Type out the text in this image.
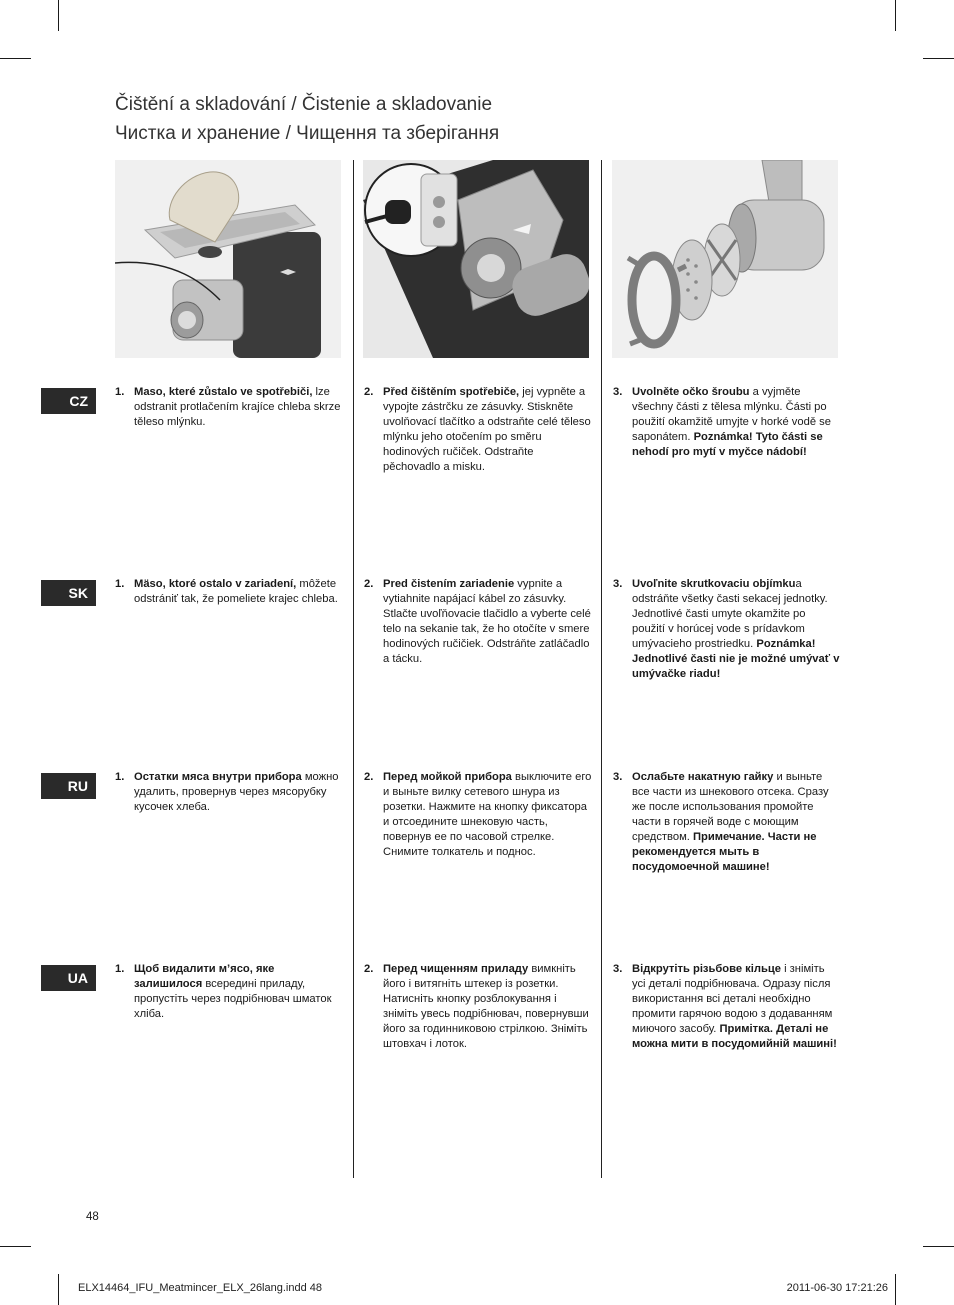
Čištění a skladování / Čistenie a skladovanie
Чистка и хранение / Чищення та зберігання
CZ
SK
RU
UA
1. Maso, které zůstalo ve spotřebiči, lze odstranit protlačením krajíce chleba skrze těleso mlýnku.
2. Před čištěním spotřebiče, jej vypněte a vypojte zástrčku ze zásuvky. Stiskněte uvolňovací tlačítko a odstraňte celé těleso mlýnku jeho otočením po směru hodinových ručiček. Odstraňte pěchovadlo a misku.
3. Uvolněte očko šroubu a vyjměte všechny části z tělesa mlýnku. Části po použití okamžitě umyjte v horké vodě se saponátem. Poznámka! Tyto části se nehodí pro mytí v myčce nádobí!
1. Mäso, ktoré ostalo v zariadení, môžete odstrániť tak, že pomeliete krajec chleba.
2. Pred čistením zariadenie vypnite a vytiahnite napájací kábel zo zásuvky. Stlačte uvoľňovacie tlačidlo a vyberte celé telo na sekanie tak, že ho otočíte v smere hodinových ručičiek. Odstráňte zatláčadlo a tácku.
3. Uvoľnite skrutkovaciu objímkua odstráňte všetky časti sekacej jednotky. Jednotlivé časti umyte okamžite po použití v horúcej vode s prídavkom umývacieho prostriedku. Poznámka! Jednotlivé časti nie je možné umývať v umývačke riadu!
1. Остатки мяса внутри прибора можно удалить, провернув через мясорубку кусочек хлеба.
2. Перед мойкой прибора выключите его и выньте вилку сетевого шнура из розетки. Нажмите на кнопку фиксатора и отсоедините шнековую часть, повернув ее по часовой стрелке. Снимите толкатель и поднос.
3. Ослабьте накатную гайку и выньте все части из шнекового отсека. Сразу же после использования промойте части в горячей воде с моющим средством. Примечание. Части не рекомендуется мыть в посудомоечной машине!
1. Щоб видалити м’ясо, яке залишилося всередині приладу, пропустіть через подрібнювач шматок хліба.
2. Перед чищенням приладу вимкніть його і витягніть штекер із розетки. Натисніть кнопку розблокування і зніміть увесь подрібнювач, повернувши його за годинниковою стрілкою. Зніміть штовхач і лоток.
3. Відкрутіть різьбове кільце і зніміть усі деталі подрібнювача. Одразу після використання всі деталі необхідно промити гарячою водою з додаванням миючого засобу. Примітка. Деталі не можна мити в посудомийній машині!
48
ELX14464_IFU_Meatmincer_ELX_26lang.indd 48	2011-06-30 17:21:26
